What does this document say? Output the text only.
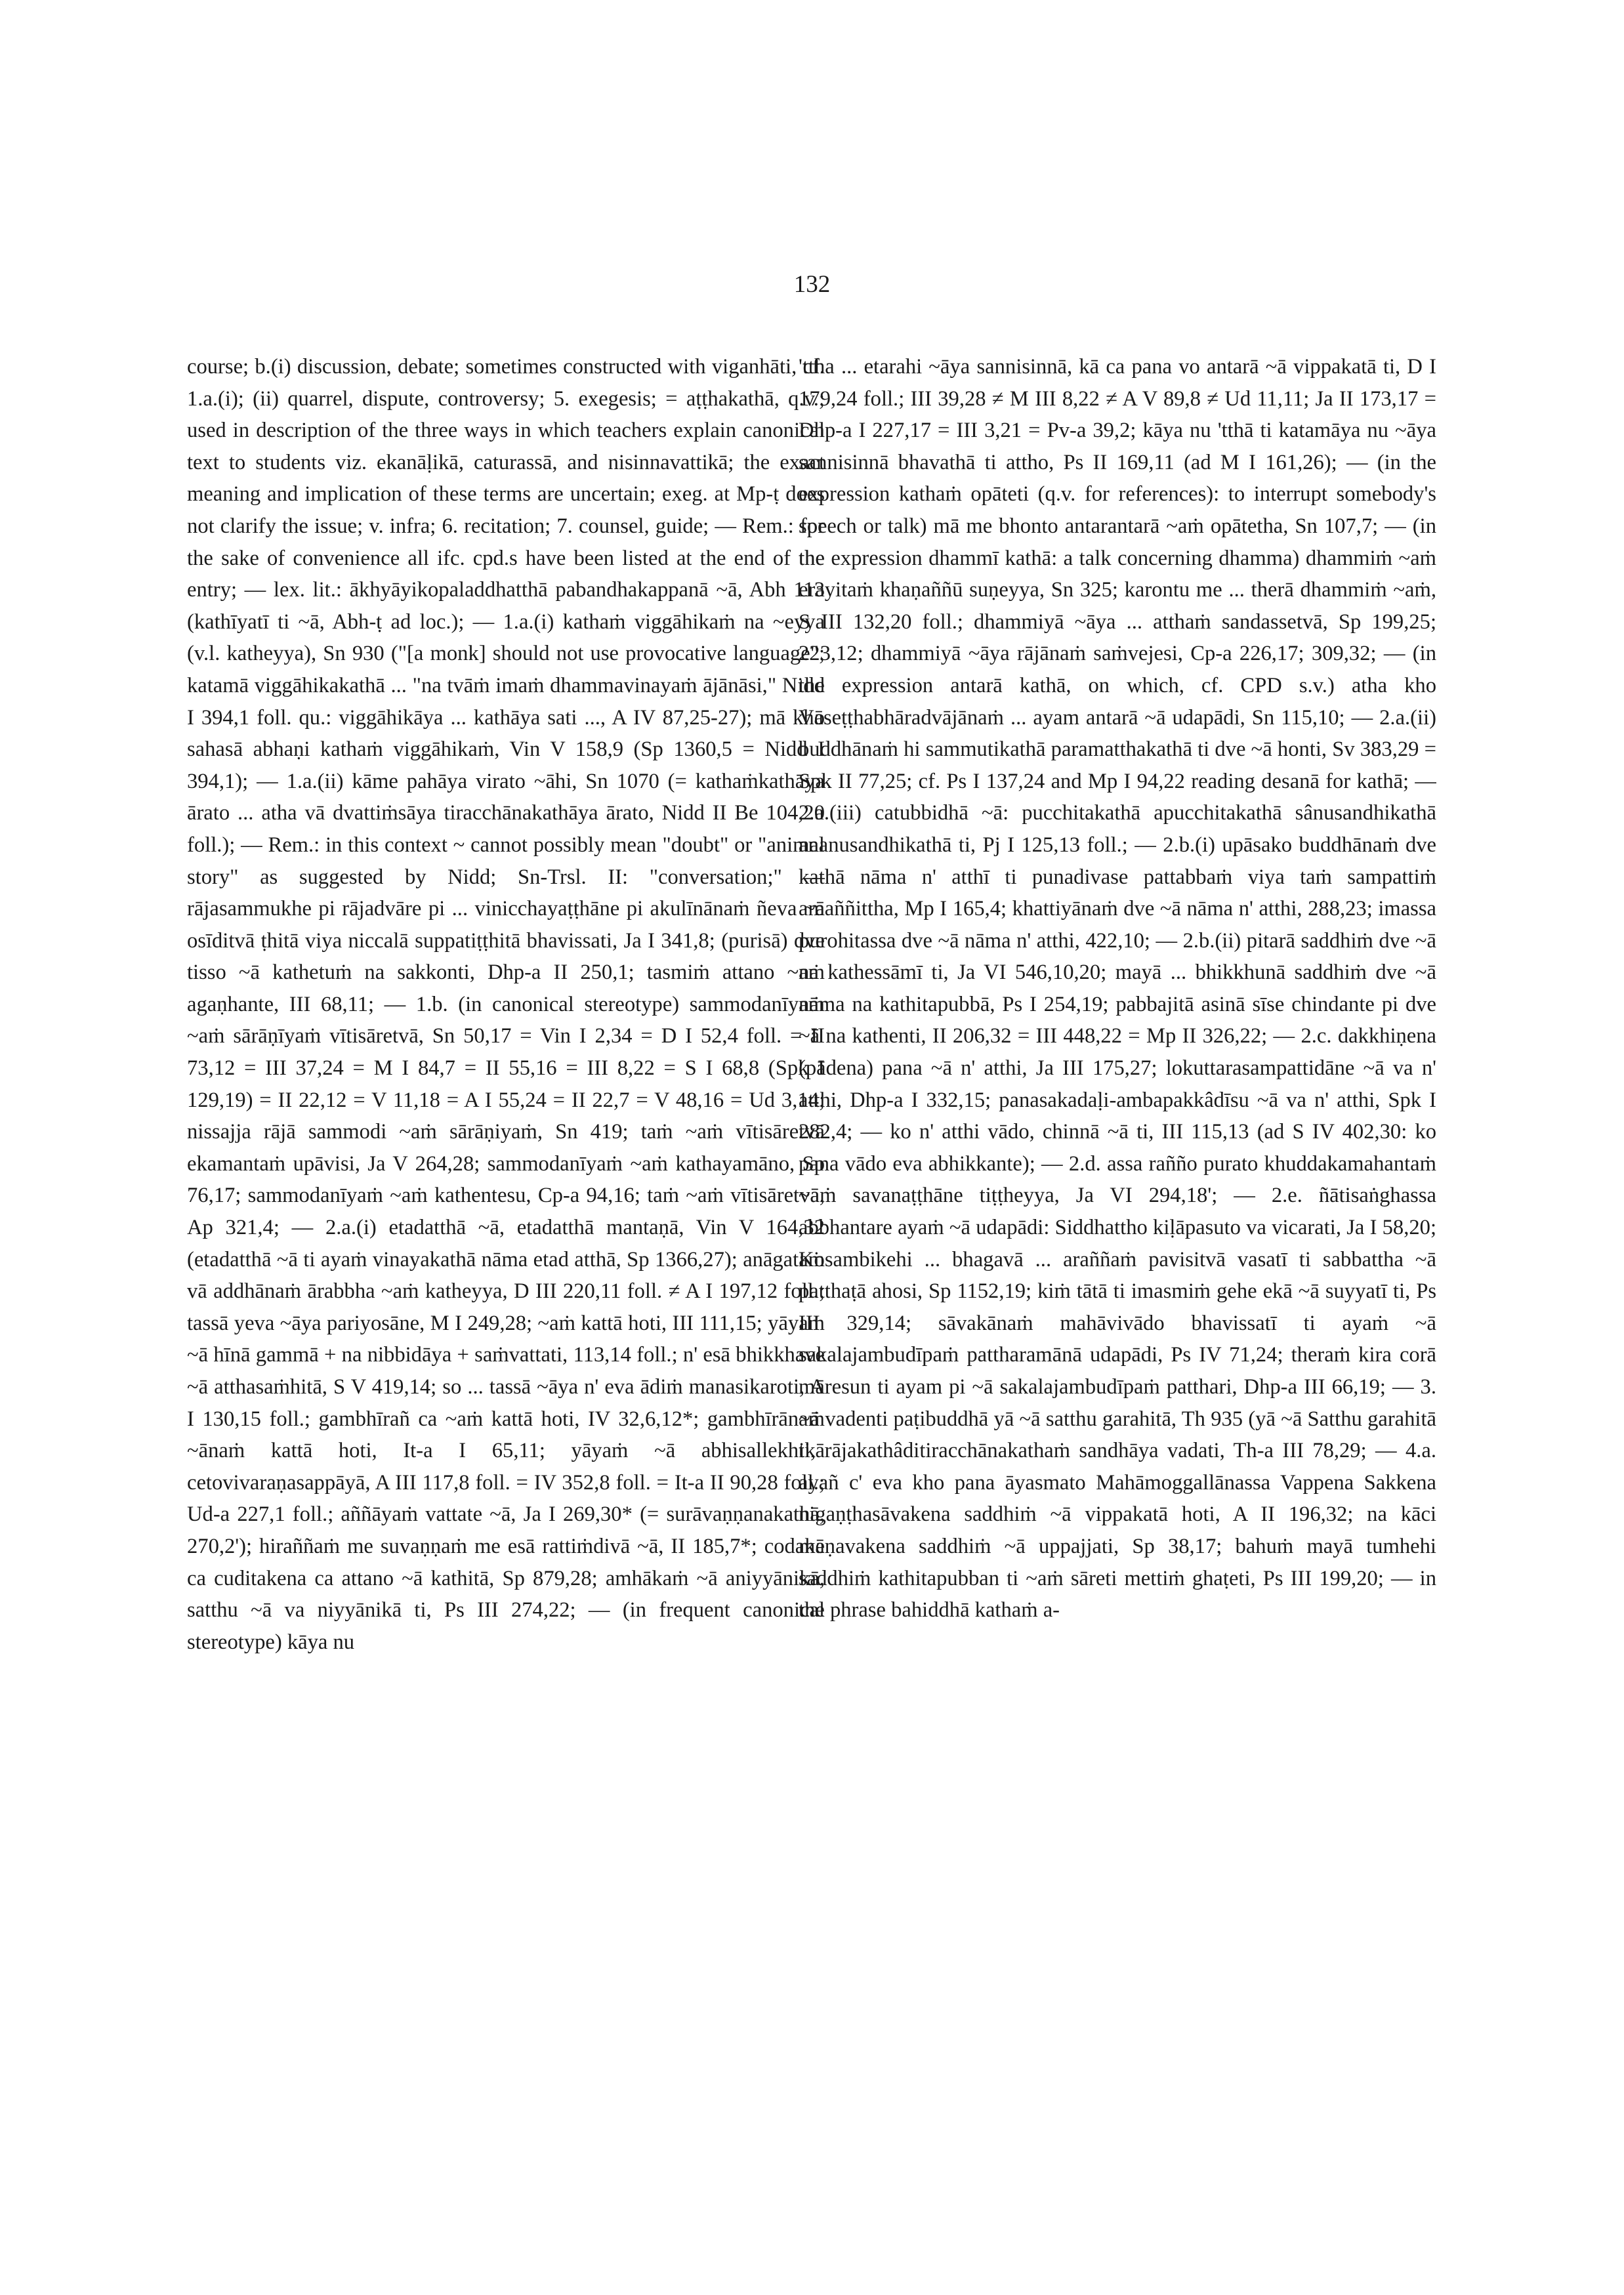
132

course; b.(i) discussion, debate; sometimes constructed with viganhāti, cf. 1.a.(i); (ii) quarrel, dispute, controversy; 5. exegesis; = aṭṭhakathā, q.v.; used in description of the three ways in which teachers explain canonical text to students viz. ekanāḷikā, caturassā, and nisinnavattikā; the exact meaning and implication of these terms are uncertain; exeg. at Mp-ṭ does not clarify the issue; v. infra; 6. recitation; 7. counsel, guide; — Rem.: for the sake of convenience all ifc. cpd.s have been listed at the end of the entry; — lex. lit.: ākhyāyikopaladdhatthā pabandhakappanā ~ā, Abh 113 (kathīyatī ti ~ā, Abh-ṭ ad loc.); — 1.a.(i) kathaṁ viggāhikaṁ na ~eyya (v.l. katheyya), Sn 930 ("[a monk] should not use provocative language"; katamā viggāhikakathā ... "na tvāṁ imaṁ dhammavinayaṁ ājānāsi," Nidd I 394,1 foll. qu.: viggāhikāya ... kathāya sati ..., A IV 87,25-27); mā kho sahasā abhaṇi kathaṁ viggāhikaṁ, Vin V 158,9 (Sp 1360,5 = Nidd I 394,1); — 1.a.(ii) kāme pahāya virato ~āhi, Sn 1070 (= kathaṁkathāya ārato ... atha vā dvattiṁsāya tiracchānakathāya ārato, Nidd II Be 104,20 foll.); — Rem.: in this context ~ cannot possibly mean "doubt" or "animal story" as suggested by Nidd; Sn-Trsl. II: "conversation;" — rājasammukhe pi rājadvāre pi ... vinicchayaṭṭhāne pi akulīnānaṁ ñeva ~ā osīditvā ṭhitā viya niccalā suppatiṭṭhitā bhavissati, Ja I 341,8; (purisā) dve tisso ~ā kathetuṁ na sakkonti, Dhp-a II 250,1; tasmiṁ attano ~aṁ agaṇhante, III 68,11; — 1.b. (in canonical stereotype) sammodanīyaṁ ~aṁ sārāṇīyaṁ vītisāretvā, Sn 50,17 = Vin I 2,34 = D I 52,4 foll. = II 73,12 = III 37,24 = M I 84,7 = II 55,16 = III 8,22 = S I 68,8 (Spk I 129,19) = II 22,12 = V 11,18 = A I 55,24 = II 22,7 = V 48,16 = Ud 3,14; nissajja rājā sammodi ~aṁ sārāṇiyaṁ, Sn 419; taṁ ~aṁ vītisāretvā ekamantaṁ upāvisi, Ja V 264,28; sammodanīyaṁ ~aṁ kathayamāno, Sp 76,17; sammodanīyaṁ ~aṁ kathentesu, Cp-a 94,16; taṁ ~aṁ vītisāretvā, Ap 321,4; — 2.a.(i) etadatthā ~ā, etadatthā mantaṇā, Vin V 164,32 (etadatthā ~ā ti ayaṁ vinayakathā nāma etad atthā, Sp 1366,27); anāgataṁ vā addhānaṁ ārabbha ~aṁ katheyya, D III 220,11 foll. ≠ A I 197,12 foll.; tassā yeva ~āya pariyosāne, M I 249,28; ~aṁ kattā hoti, III 111,15; yāyaṁ ~ā hīnā gammā + na nibbidāya + saṁvattati, 113,14 foll.; n' esā bhikkhave ~ā atthasaṁhitā, S V 419,14; so ... tassā ~āya n' eva ādiṁ manasikaroti, A I 130,15 foll.; gambhīrañ ca ~aṁ kattā hoti, IV 32,6,12*; gambhīrānaṁ ~ānaṁ kattā hoti, It-a I 65,11; yāyaṁ ~ā abhisallekhikā cetovivaraṇasappāyā, A III 117,8 foll. = IV 352,8 foll. = It-a II 90,28 foll.; Ud-a 227,1 foll.; aññāyaṁ vattate ~ā, Ja I 269,30* (= surāvaṇṇanakathā, 270,2'); hiraññaṁ me suvaṇṇaṁ me esā rattiṁdivā ~ā, II 185,7*; codake ca cuditakena ca attano ~ā kathitā, Sp 879,28; amhākaṁ ~ā aniyyānikā, satthu ~ā va niyyānikā ti, Ps III 274,22; — (in frequent canonical stereotype) kāya nu

'ttha ... etarahi ~āya sannisinnā, kā ca pana vo antarā ~ā vippakatā ti, D I 179,24 foll.; III 39,28 ≠ M III 8,22 ≠ A V 89,8 ≠ Ud 11,11; Ja II 173,17 = Dhp-a I 227,17 = III 3,21 = Pv-a 39,2; kāya nu 'tthā ti katamāya nu ~āya sannisinnā bhavathā ti attho, Ps II 169,11 (ad M I 161,26); — (in the expression kathaṁ opāteti (q.v. for references): to interrupt somebody's speech or talk) mā me bhonto antarantarā ~aṁ opātetha, Sn 107,7; — (in the expression dhammī kathā: a talk concerning dhamma) dhammiṁ ~aṁ erayitaṁ khaṇaññū suṇeyya, Sn 325; karontu me ... therā dhammiṁ ~aṁ, S III 132,20 foll.; dhammiyā ~āya ... atthaṁ sandassetvā, Sp 199,25; 223,12; dhammiyā ~āya rājānaṁ saṁvejesi, Cp-a 226,17; 309,32; — (in the expression antarā kathā, on which, cf. CPD s.v.) atha kho Vāseṭṭhabhāradvājānaṁ ... ayam antarā ~ā udapādi, Sn 115,10; — 2.a.(ii) buddhānaṁ hi sammutikathā paramatthakathā ti dve ~ā honti, Sv 383,29 = Spk II 77,25; cf. Ps I 137,24 and Mp I 94,22 reading desanā for kathā; — 2.a.(iii) catubbidhā ~ā: pucchitakathā apucchitakathā sânusandhikathā ananusandhikathā ti, Pj I 125,13 foll.; — 2.b.(i) upāsako buddhānaṁ dve kathā nāma n' atthī ti punadivase pattabbaṁ viya taṁ sampattiṁ amaññittha, Mp I 165,4; khattiyānaṁ dve ~ā nāma n' atthi, 288,23; imassa purohitassa dve ~ā nāma n' atthi, 422,10; — 2.b.(ii) pitarā saddhiṁ dve ~ā na kathessāmī ti, Ja VI 546,10,20; mayā ... bhikkhunā saddhiṁ dve ~ā nāma na kathitapubbā, Ps I 254,19; pabbajitā asinā sīse chindante pi dve ~ā na kathenti, II 206,32 = III 448,22 = Mp II 326,22; — 2.c. dakkhiṇena (pādena) pana ~ā n' atthi, Ja III 175,27; lokuttarasampattidāne ~ā va n' atthi, Dhp-a I 332,15; panasakadaḷi-ambapakkâdīsu ~ā va n' atthi, Spk I 282,4; — ko n' atthi vādo, chinnā ~ā ti, III 115,13 (ad S IV 402,30: ko pana vādo eva abhikkante); — 2.d. assa rañño purato khuddakamahantaṁ ~aṁ savanaṭṭhāne tiṭṭheyya, Ja VI 294,18'; — 2.e. ñātisaṅghassa abbhantare ayaṁ ~ā udapādi: Siddhattho kiḷāpasuto va vicarati, Ja I 58,20; Kosambikehi ... bhagavā ... araññaṁ pavisitvā vasatī ti sabbattha ~ā patthaṭā ahosi, Sp 1152,19; kiṁ tātā ti imasmiṁ gehe ekā ~ā suyyatī ti, Ps III 329,14; sāvakānaṁ mahāvivādo bhavissatī ti ayaṁ ~ā sakalajambudīpaṁ pattharamānā udapādi, Ps IV 71,24; theraṁ kira corā māresun ti ayam pi ~ā sakalajambudīpaṁ patthari, Dhp-a III 66,19; — 3. ~ā vadenti paṭibuddhā yā ~ā satthu garahitā, Th 935 (yā ~ā Satthu garahitā ti, rājakathâditiracchānakathaṁ sandhāya vadati, Th-a III 78,29; — 4.a. ayañ c' eva kho pana āyasmato Mahāmoggallānassa Vappena Sakkena nigaṇṭhasāvakena saddhiṁ ~ā vippakatā hoti, A II 196,32; na kāci māṇavakena saddhiṁ ~ā uppajjati, Sp 38,17; bahuṁ mayā tumhehi saddhiṁ kathitapubban ti ~aṁ sāreti mettiṁ ghaṭeti, Ps III 199,20; — in the phrase bahiddhā kathaṁ a-
